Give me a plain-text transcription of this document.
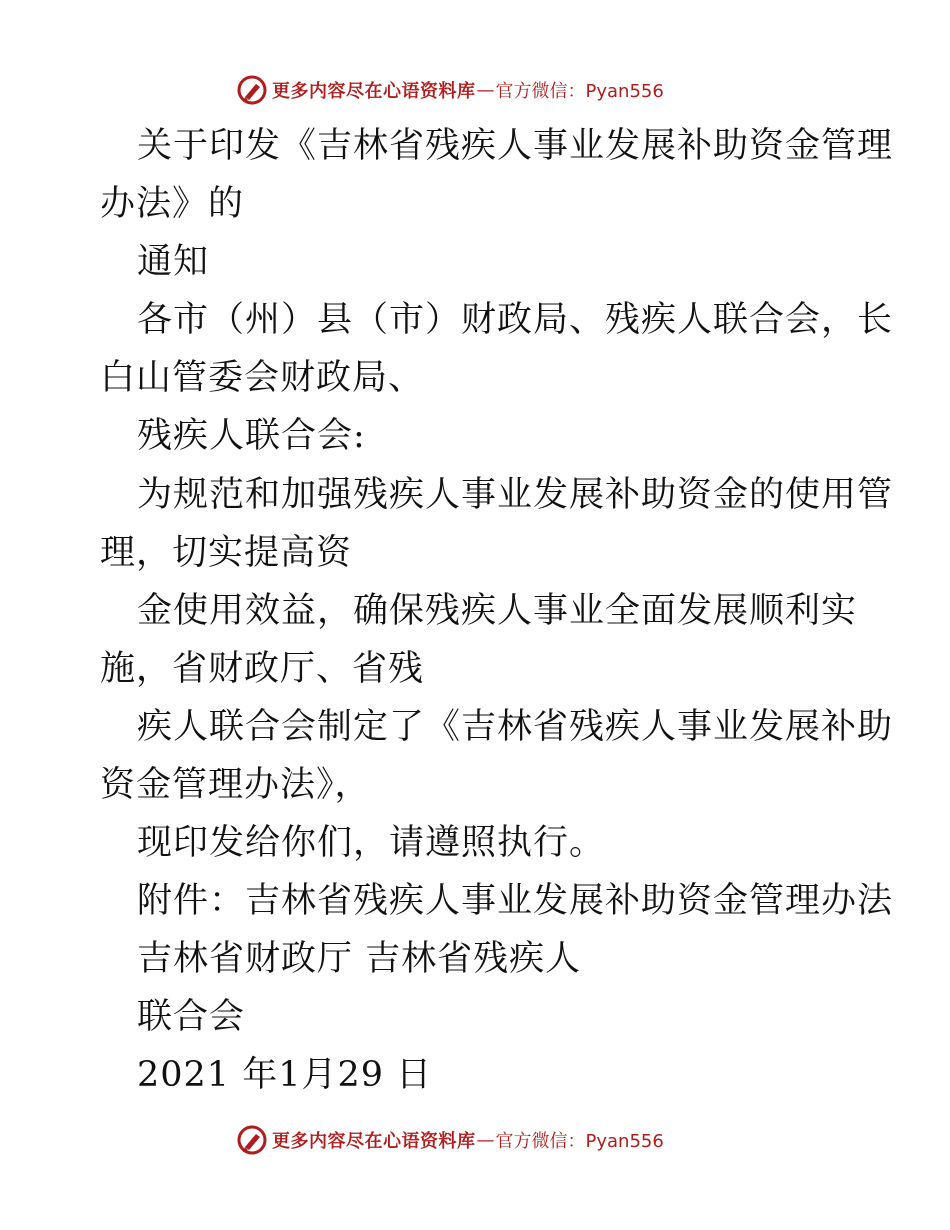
更多内容尽在心语资料库 — 官方微信：Pyan556
关于印发《吉林省残疾人事业发展补助资金管理
办法》的
通知
各市（州）县（市）财政局、残疾人联合会，长
白山管委会财政局、
残疾人联合会:
为规范和加强残疾人事业发展补助资金的使用管
理，切实提高资
金使用效益，确保残疾人事业全面发展顺利实
施，省财政厅、省残
疾人联合会制定了《吉林省残疾人事业发展补助
资金管理办法》，
现印发给你们，请遵照执行。
附件：吉林省残疾人事业发展补助资金管理办法
吉林省财政厅 吉林省残疾人
联合会
2021 年1月29 日
更多内容尽在心语资料库 — 官方微信：Pyan556
